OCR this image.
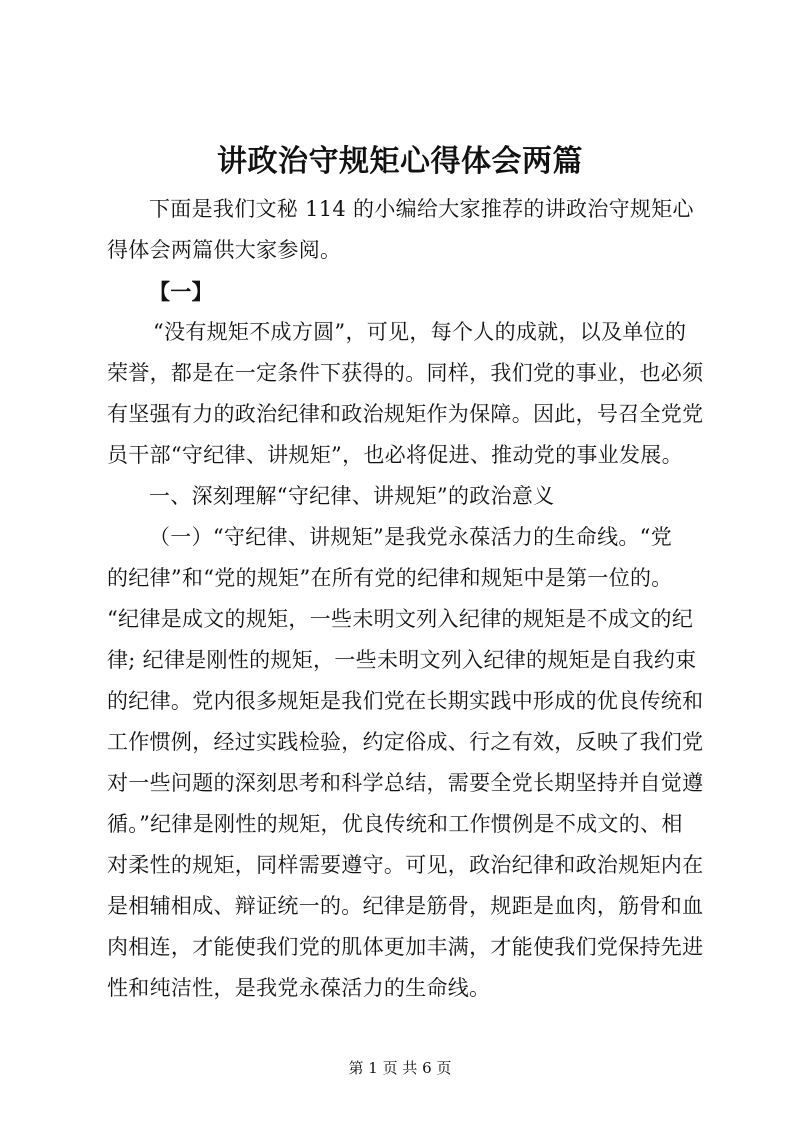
讲政治守规矩心得体会两篇
下面是我们文秘 114 的小编给大家推荐的讲政治守规矩心
得体会两篇供大家参阅。
【一】
“没有规矩不成方圆”，可见，每个人的成就，以及单位的
荣誉，都是在一定条件下获得的。同样，我们党的事业，也必须
有坚强有力的政治纪律和政治规矩作为保障。因此，号召全党党
员干部“守纪律、讲规矩”，也必将促进、推动党的事业发展。
一、深刻理解“守纪律、讲规矩”的政治意义
（一）“守纪律、讲规矩”是我党永葆活力的生命线。“党
的纪律”和“党的规矩”在所有党的纪律和规矩中是第一位的。
“纪律是成文的规矩，一些未明文列入纪律的规矩是不成文的纪
律; 纪律是刚性的规矩，一些未明文列入纪律的规矩是自我约束
的纪律。党内很多规矩是我们党在长期实践中形成的优良传统和
工作惯例，经过实践检验，约定俗成、行之有效，反映了我们党
对一些问题的深刻思考和科学总结，需要全党长期坚持并自觉遵
循。”纪律是刚性的规矩，优良传统和工作惯例是不成文的、相
对柔性的规矩，同样需要遵守。可见，政治纪律和政治规矩内在
是相辅相成、辩证统一的。纪律是筋骨，规距是血肉，筋骨和血
肉相连，才能使我们党的肌体更加丰满，才能使我们党保持先进
性和纯洁性，是我党永葆活力的生命线。
第 1 页 共 6 页
